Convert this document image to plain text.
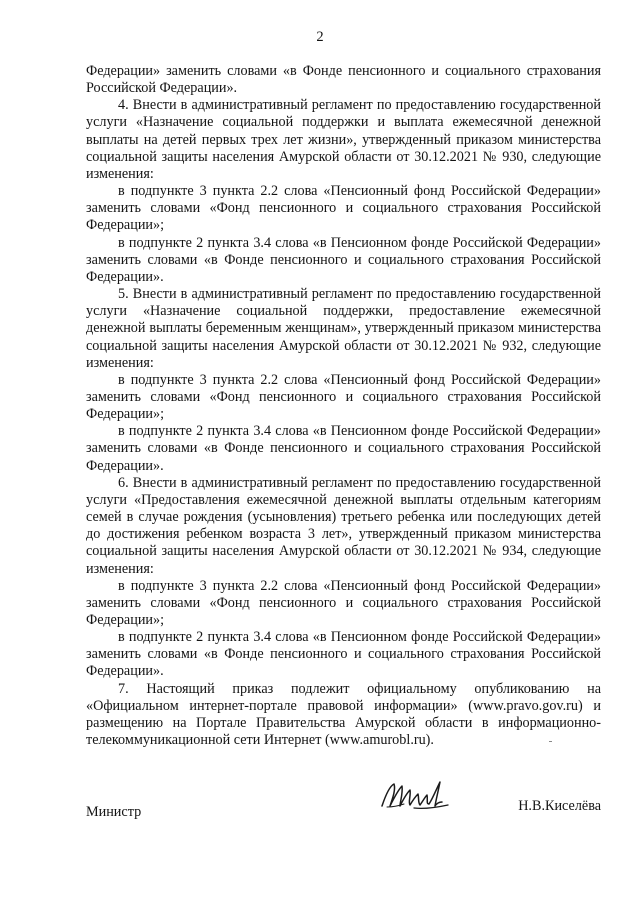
2

Федерации» заменить словами «в Фонде пенсионного и социального страхования Российской Федерации».

4. Внести в административный регламент по предоставлению государственной услуги «Назначение социальной поддержки и выплата ежемесячной денежной выплаты на детей первых трех лет жизни», утвержденный приказом министерства социальной защиты населения Амурской области от 30.12.2021 № 930, следующие изменения:

в подпункте 3 пункта 2.2 слова «Пенсионный фонд Российской Федерации» заменить словами «Фонд пенсионного и социального страхования Российской Федерации»;

в подпункте 2 пункта 3.4 слова «в Пенсионном фонде Российской Федерации» заменить словами «в Фонде пенсионного и социального страхования Российской Федерации».

5. Внести в административный регламент по предоставлению государственной услуги «Назначение социальной поддержки, предоставление ежемесячной денежной выплаты беременным женщинам», утвержденный приказом министерства социальной защиты населения Амурской области от 30.12.2021 № 932, следующие изменения:

в подпункте 3 пункта 2.2 слова «Пенсионный фонд Российской Федерации» заменить словами «Фонд пенсионного и социального страхования Российской Федерации»;

в подпункте 2 пункта 3.4 слова «в Пенсионном фонде Российской Федерации» заменить словами «в Фонде пенсионного и социального страхования Российской Федерации».

6. Внести в административный регламент по предоставлению государственной услуги «Предоставления ежемесячной денежной выплаты отдельным категориям семей в случае рождения (усыновления) третьего ребенка или последующих детей до достижения ребенком возраста 3 лет», утвержденный приказом министерства социальной защиты населения Амурской области от 30.12.2021 № 934, следующие изменения:

в подпункте 3 пункта 2.2 слова «Пенсионный фонд Российской Федерации» заменить словами «Фонд пенсионного и социального страхования Российской Федерации»;

в подпункте 2 пункта 3.4 слова «в Пенсионном фонде Российской Федерации» заменить словами «в Фонде пенсионного и социального страхования Российской Федерации».

7. Настоящий приказ подлежит официальному опубликованию на «Официальном интернет-портале правовой информации» (www.pravo.gov.ru) и размещению на Портале Правительства Амурской области в информационно-телекоммуникационной сети Интернет (www.amurobl.ru).

Министр	Н.В.Киселёва
